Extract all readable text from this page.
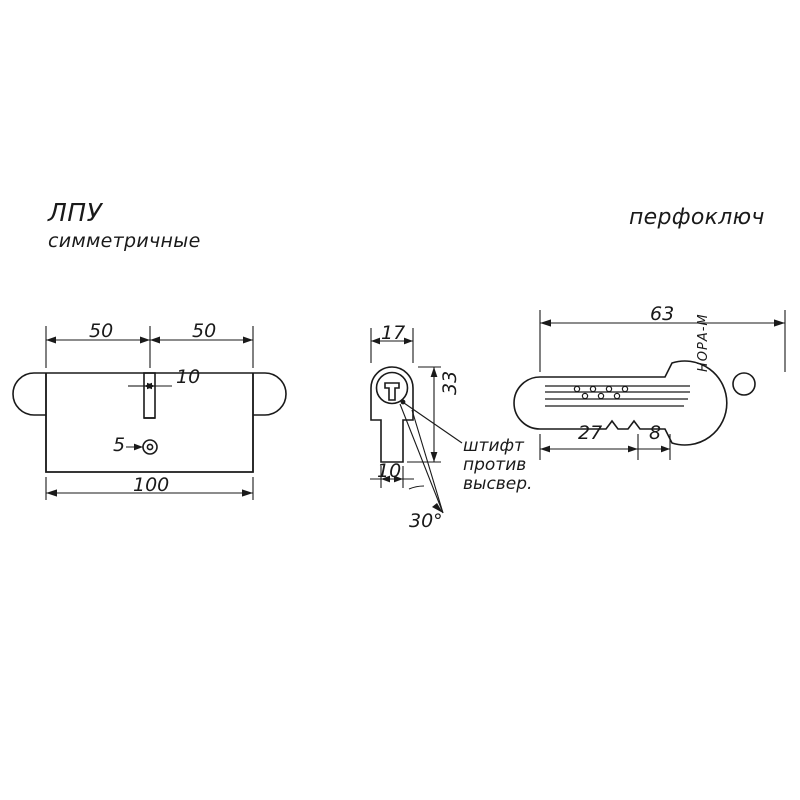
ЛПУ
симметричные
перфоключ
50	50
10
5
100
17
33
10
30°
штифт
против
высвер.
63
27 8
НОРА-М
